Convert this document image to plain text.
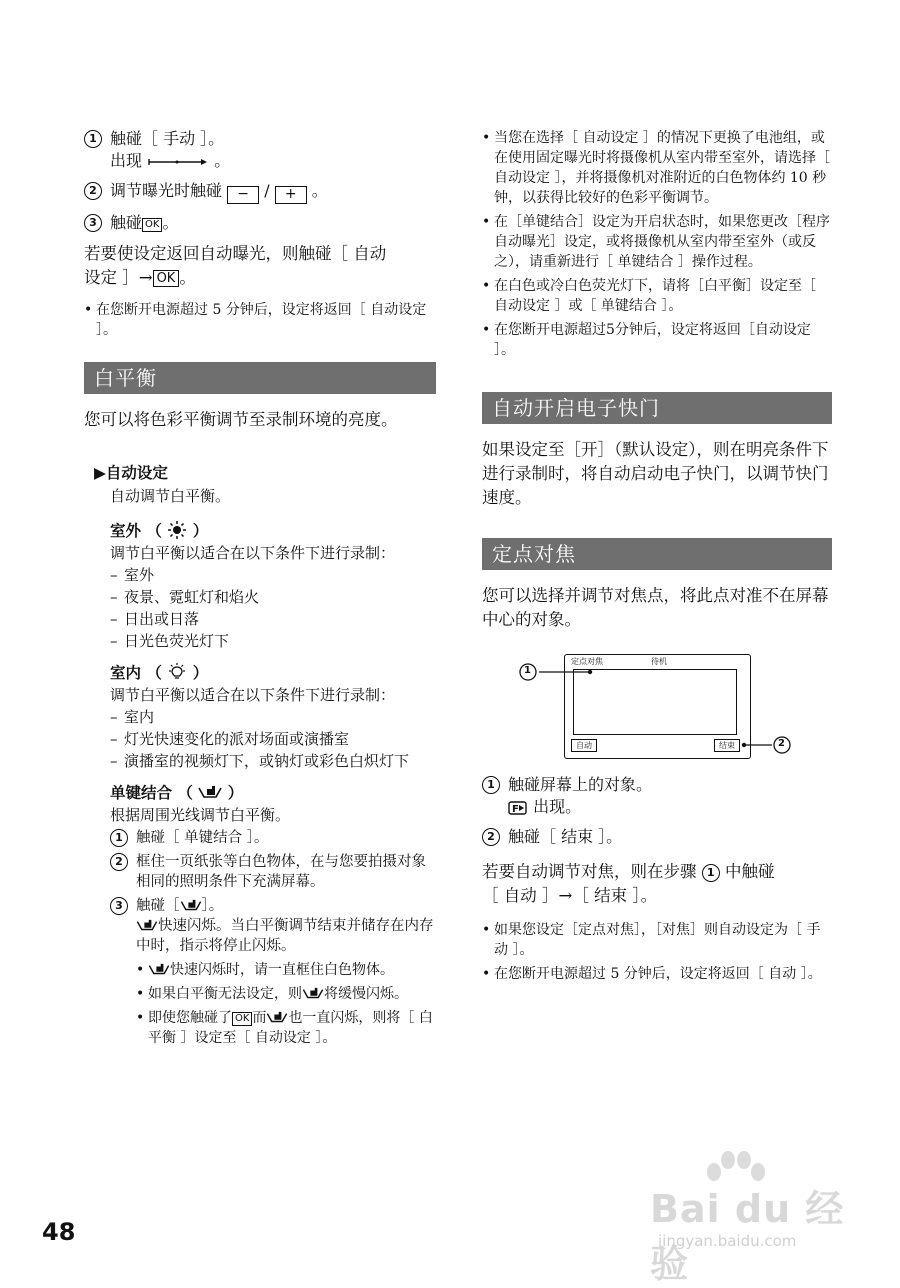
1 触碰［ 手动 ］。
出现	。
2 调节曝光时触碰 − / + 。
3 触碰 OK 。

若要使设定返回自动曝光，则触碰［ 自动
设定 ］→ OK 。

• 在您断开电源超过 5 分钟后，设定将返回［ 自动设定 ］。
白平衡

您可以将色彩平衡调节至录制环境的亮度。

▶自动设定

自动调节白平衡。

室外 （ ）

调节白平衡以适合在以下条件下进行录制：

– 室外
– 夜景、霓虹灯和焰火
– 日出或日落
– 日光色荧光灯下

室内 （ ）

调节白平衡以适合在以下条件下进行录制：

– 室内
– 灯光快速变化的派对场面或演播室
– 演播室的视频灯下，或钠灯或彩色白炽灯下

单键结合 （ ）

根据周围光线调节白平衡。

1 触碰［ 单键结合 ］。
2 框住一页纸张等白色物体，在与您要拍摄对象相同的照明条件下充满屏幕。
3 触碰［ ］。
快速闪烁。当白平衡调节结束并储存在内存中时，指示将停止闪烁。
• 快速闪烁时，请一直框住白色物体。
• 如果白平衡无法设定，则 将缓慢闪烁。
• 即使您触碰了 OK 而 也一直闪烁，则将［ 白平衡 ］设定至［ 自动设定 ］。
• 当您在选择［ 自动设定 ］的情况下更换了电池组，或在使用固定曝光时将摄像机从室内带至室外，请选择［ 自动设定 ］，并将摄像机对准附近的白色物体约 10 秒钟，以获得比较好的色彩平衡调节。
• 在［单键结合］设定为开启状态时，如果您更改［程序自动曝光］设定，或将摄像机从室内带至室外（或反之），请重新进行［ 单键结合 ］操作过程。
• 在白色或冷白色荧光灯下，请将［白平衡］设定至［ 自动设定 ］或［ 单键结合 ］。
• 在您断开电源超过5分钟后，设定将返回［自动设定 ］。
自动开启电子快门

如果设定至［开］（默认设定），则在明亮条件下进行录制时，将自动启动电子快门，以调节快门速度。

定点对焦

您可以选择并调节对焦点，将此点对准不在屏幕中心的对象。

定点对焦	待机
自动	结束
1
2
1 触碰屏幕上的对象。

F 出现。
2 触碰［ 结束 ］。

若要自动调节对焦，则在步骤 1 中触碰
［ 自动 ］→［ 结束 ］。

• 如果您设定［定点对焦］，［对焦］则自动设定为［ 手动 ］。
• 在您断开电源超过 5 分钟后，设定将返回［ 自动 ］。
48
Bai du 经验
jingyan.baidu.com
